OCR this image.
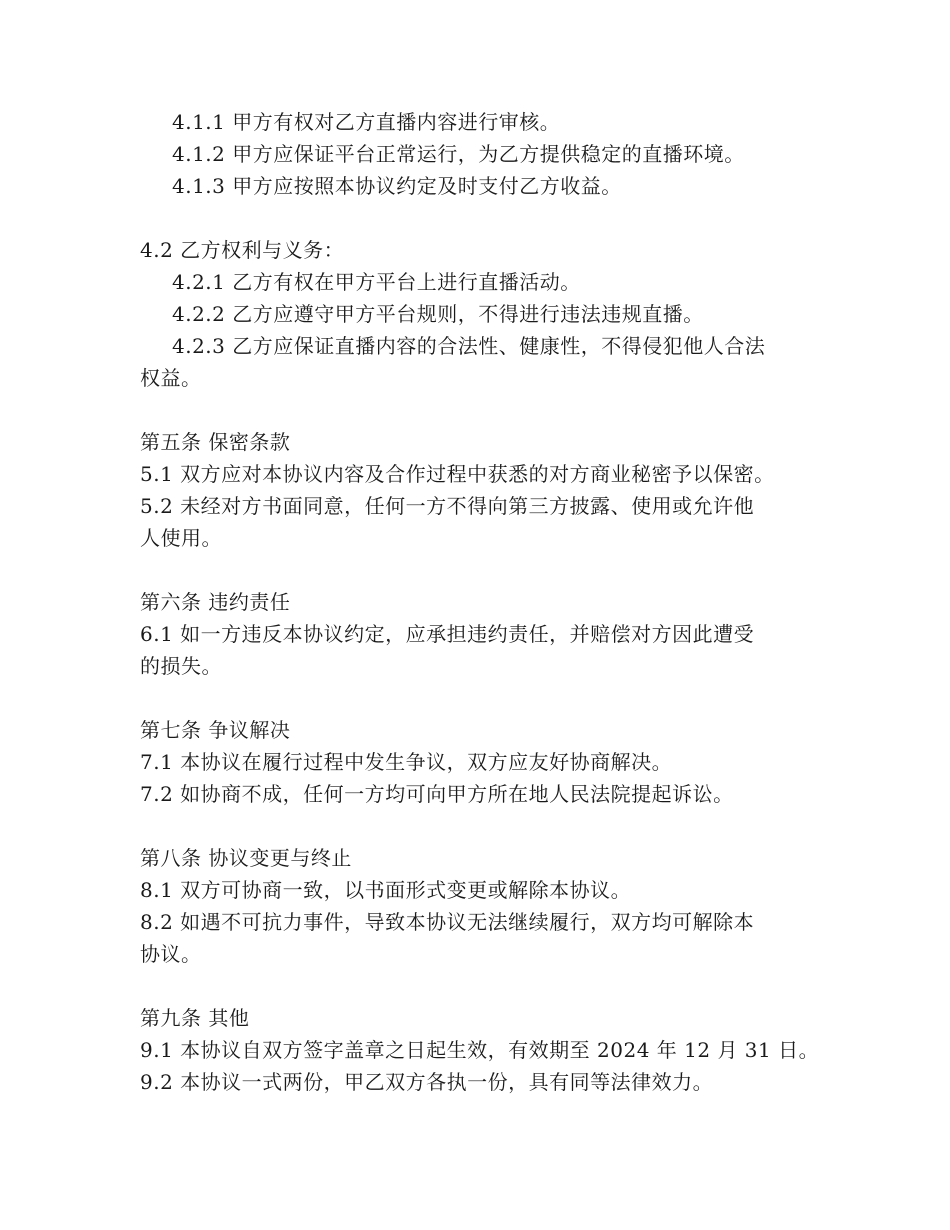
4.1.1 甲方有权对乙方直播内容进行审核。
4.1.2 甲方应保证平台正常运行，为乙方提供稳定的直播环境。
4.1.3 甲方应按照本协议约定及时支付乙方收益。
4.2 乙方权利与义务：
4.2.1 乙方有权在甲方平台上进行直播活动。
4.2.2 乙方应遵守甲方平台规则，不得进行违法违规直播。
4.2.3 乙方应保证直播内容的合法性、健康性，不得侵犯他人合法
权益。
第五条 保密条款
5.1 双方应对本协议内容及合作过程中获悉的对方商业秘密予以保密。
5.2 未经对方书面同意，任何一方不得向第三方披露、使用或允许他
人使用。
第六条 违约责任
6.1 如一方违反本协议约定，应承担违约责任，并赔偿对方因此遭受
的损失。
第七条 争议解决
7.1 本协议在履行过程中发生争议，双方应友好协商解决。
7.2 如协商不成，任何一方均可向甲方所在地人民法院提起诉讼。
第八条 协议变更与终止
8.1 双方可协商一致，以书面形式变更或解除本协议。
8.2 如遇不可抗力事件，导致本协议无法继续履行，双方均可解除本
协议。
第九条 其他
9.1 本协议自双方签字盖章之日起生效，有效期至 2024 年 12 月 31 日。
9.2 本协议一式两份，甲乙双方各执一份，具有同等法律效力。
